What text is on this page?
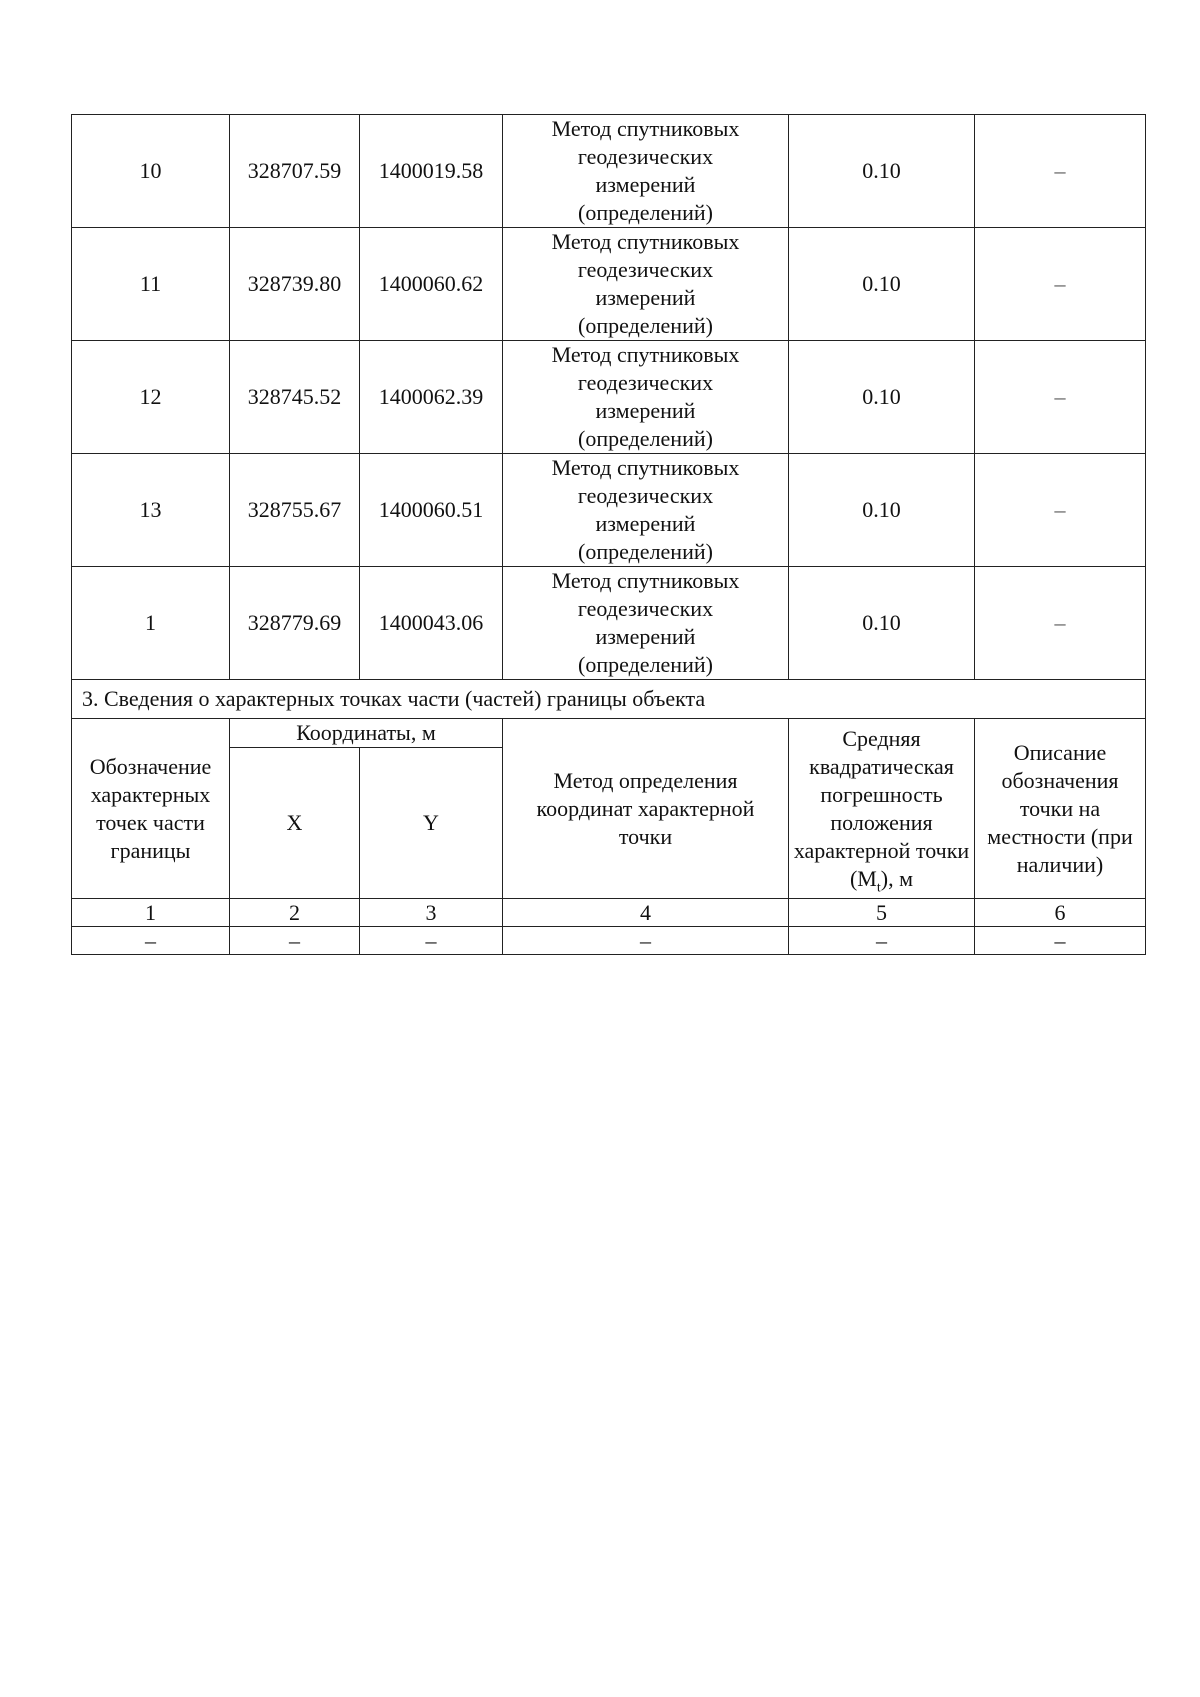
10	328707.59	1400019.58	Метод спутниковых геодезических измерений (определений)	0.10	–
11	328739.80	1400060.62	Метод спутниковых геодезических измерений (определений)	0.10	–
12	328745.52	1400062.39	Метод спутниковых геодезических измерений (определений)	0.10	–
13	328755.67	1400060.51	Метод спутниковых геодезических измерений (определений)	0.10	–
1	328779.69	1400043.06	Метод спутниковых геодезических измерений (определений)	0.10	–
3. Сведения о характерных точках части (частей) границы объекта					
Обозначение характерных точек части границы	Координаты, м		Метод определения координат характерной точки	Средняя квадратическая погрешность положения характерной точки $(M_t)$, м	Описание обозначения точки на местности (при наличии)
	X	Y			
1	2	3	4	5	6
–	–	–	–	–	–
